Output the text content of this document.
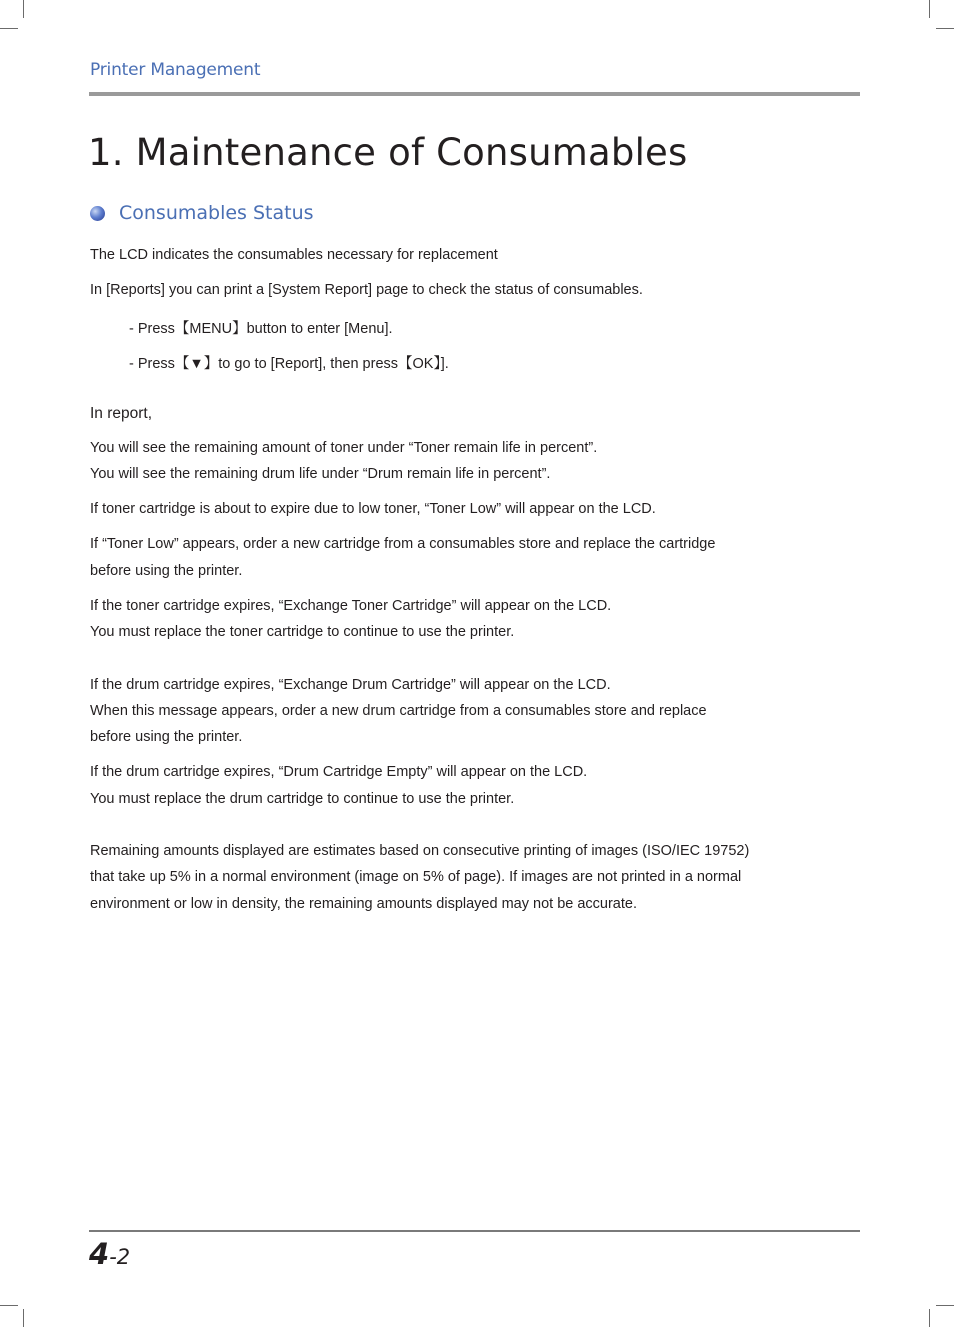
Printer Management
1. Maintenance of Consumables
Consumables Status
The LCD indicates the consumables necessary for replacement
In [Reports] you can print a [System Report] page to check the status of consumables.
- Press【MENU】button to enter [Menu].
- Press【▼】to go to [Report], then press【OK】].
In report,
You will see the remaining amount of toner under “Toner remain life in percent”.
You will see the remaining drum life under “Drum remain life in percent”.
If toner cartridge is about to expire due to low toner, “Toner Low” will appear on the LCD.
If “Toner Low” appears, order a new cartridge from a consumables store and replace the cartridge
before using the printer.
If the toner cartridge expires, “Exchange Toner Cartridge” will appear on the LCD.
You must replace the toner cartridge to continue to use the printer.
If the drum cartridge expires, “Exchange Drum Cartridge” will appear on the LCD.
When this message appears, order a new drum cartridge from a consumables store and replace
before using the printer.
If the drum cartridge expires, “Drum Cartridge Empty” will appear on the LCD.
You must replace the drum cartridge to continue to use the printer.
Remaining amounts displayed are estimates based on consecutive printing of images (ISO/IEC 19752)
that take up 5% in a normal environment (image on 5% of page). If images are not printed in a normal
environment or low in density, the remaining amounts displayed may not be accurate.
4-2
